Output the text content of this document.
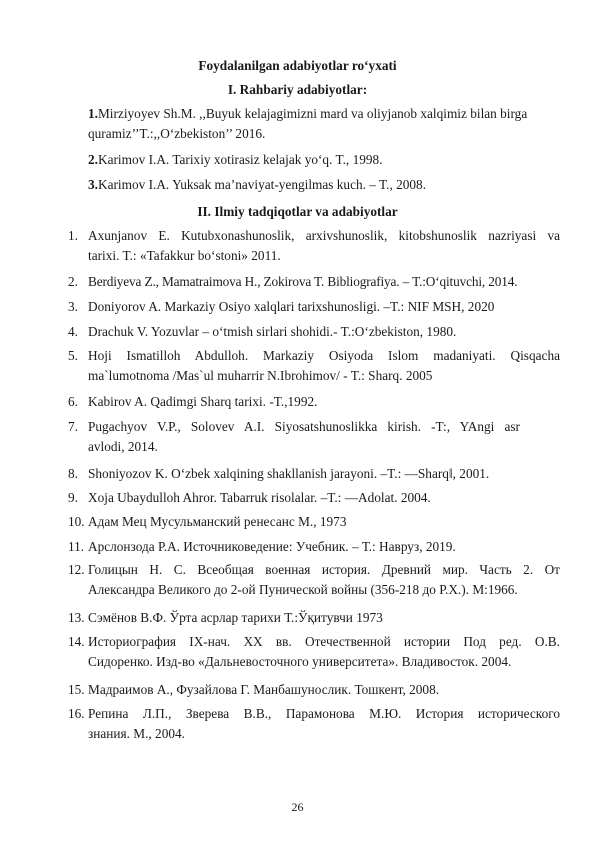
Foydalanilgan adabiyotlar ro‘yxati
I. Rahbariy adabiyotlar:
1.Mirziyoyev Sh.M. ,,Buyuk kelajagimizni mard va oliyjanob xalqimiz bilan birga
quramiz’’T.:,,O‘zbekiston’’ 2016.
2.Karimov I.A. Tarixiy xotirasiz kelajak yo‘q. T., 1998.
3.Karimov I.A. Yuksak ma’naviyat-yengilmas kuch. – T., 2008.
II. Ilmiy tadqiqotlar va adabiyotlar
1. Axunjanov E. Kutubxonashunoslik, arxivshunoslik, kitobshunoslik nazriyasi va
tarixi. T.: «Tafakkur bo‘stoni» 2011.
2. Berdiyeva Z., Mamatraimova H., Zokirova T. Bibliografiya. – T.:O‘qituvchi, 2014.
3. Doniyorov A. Markaziy Osiyo xalqlari tarixshunosligi. –T.: NIF MSH, 2020
4. Drachuk V. Yozuvlar – o‘tmish sirlari shohidi.- T.:O‘zbekiston, 1980.
5. Hoji Ismatilloh Abdulloh. Markaziy Osiyoda Islom madaniyati. Qisqacha
ma`lumotnoma /Mas`ul muharrir N.Ibrohimov/ - T.: Sharq. 2005
6. Kabirov A. Qadimgi Sharq tarixi. -T.,1992.
7. Pugachyov V.P., Solovev A.I. Siyosatshunoslikka kirish. -T:, YAngi asr
avlodi, 2014.
8. Shoniyozov K. O‘zbek xalqining shakllanish jarayoni. –T.: ―Sharq‖, 2001.
9. Xoja Ubaydulloh Ahror. Tabarruk risolalar. –T.: ―Adolat. 2004.
10. Адам Мец Мусульманский ренесанс М., 1973
11. Арслонзода Р.А. Источниковедение: Учебник. – Т.: Навруз, 2019.
12. Голицын Н. С. Всеобщая военная история. Древний мир. Часть 2. От
Александра Великого до 2-ой Пунической войны (356-218 до Р.Х.). М:1966.
13. Сэмёнов В.Ф. Ўрта асрлар тарихи Т.:Ўқитувчи 1973
14. Историография IX-нач. XX вв. Отечественной истории Под ред. О.В.
Сидоренко. Изд-во «Дальневосточного университета». Владивосток. 2004.
15. Мадраимов А., Фузайлова Г. Манбашунослик. Тошкент, 2008.
16. Репина Л.П., Зверева В.В., Парамонова М.Ю. История исторического
знания. М., 2004.
26
